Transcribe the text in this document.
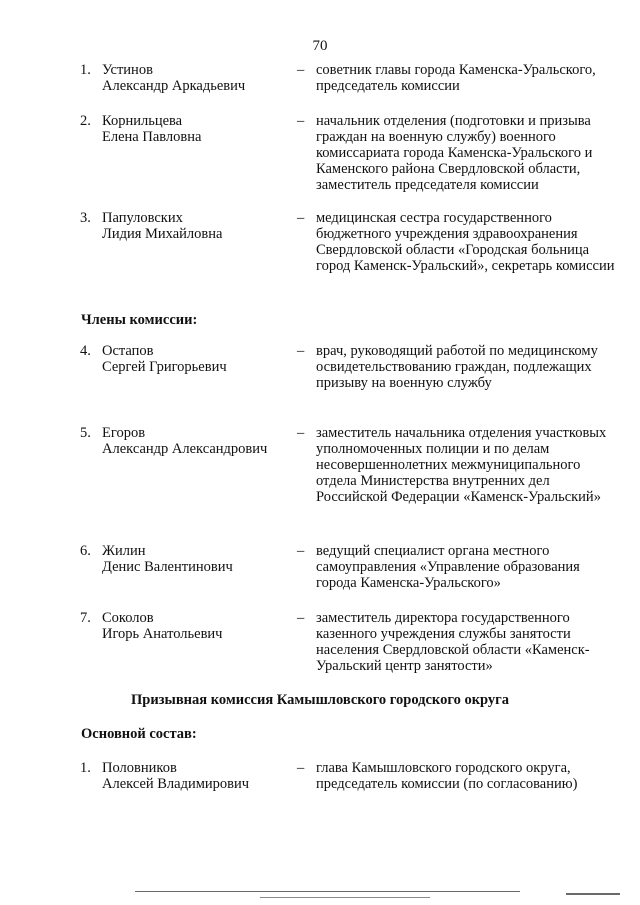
70
1. Устинов
Александр Аркадьевич
– советник главы города Каменска-Уральского, председатель комиссии
2. Корнильцева
Елена Павловна
– начальник отделения (подготовки и призыва граждан на военную службу) военного комиссариата города Каменска-Уральского и Каменского района Свердловской области, заместитель председателя комиссии
3. Папуловских
Лидия Михайловна
– медицинская сестра государственного бюджетного учреждения здравоохранения Свердловской области «Городская больница город Каменск-Уральский», секретарь комиссии
Члены комиссии:
4. Остапов
Сергей Григорьевич
– врач, руководящий работой по медицинскому освидетельствованию граждан, подлежащих призыву на военную службу
5. Егоров
Александр Александрович
– заместитель начальника отделения участковых уполномоченных полиции и по делам несовершеннолетних межмуниципального отдела Министерства внутренних дел Российской Федерации «Каменск-Уральский»
6. Жилин
Денис Валентинович
– ведущий специалист органа местного самоуправления «Управление образования города Каменска-Уральского»
7. Соколов
Игорь Анатольевич
– заместитель директора государственного казенного учреждения службы занятости населения Свердловской области «Каменск-Уральский центр занятости»
Призывная комиссия Камышловского городского округа
Основной состав:
1. Половников
Алексей Владимирович
– глава Камышловского городского округа, председатель комиссии (по согласованию)
